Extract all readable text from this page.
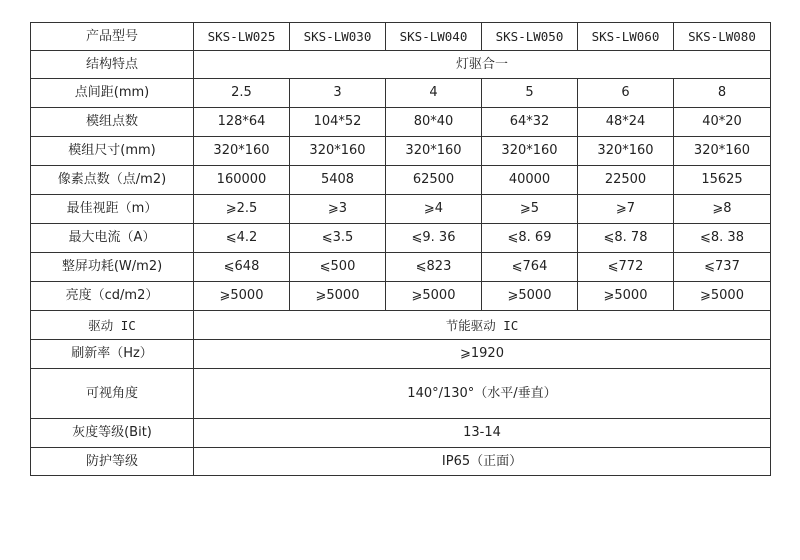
产品型号	SKS-LW025	SKS-LW030	SKS-LW040	SKS-LW050	SKS-LW060	SKS-LW080
结构特点	灯驱合一					
点间距(mm)	2.5	3	4	5	6	8
模组点数	128*64	104*52	80*40	64*32	48*24	40*20
模组尺寸(mm)	320*160	320*160	320*160	320*160	320*160	320*160
像素点数（点/m2)	160000	5408	62500	40000	22500	15625
最佳视距（m）	⩾2.5	⩾3	⩾4	⩾5	⩾7	⩾8
最大电流（A）	⩽4.2	⩽3.5	⩽9. 36	⩽8. 69	⩽8. 78	⩽8. 38
整屏功耗(W/m2)	⩽648	⩽500	⩽823	⩽764	⩽772	⩽737
亮度（cd/m2）	⩾5000	⩾5000	⩾5000	⩾5000	⩾5000	⩾5000
驱动 IC	节能驱动 IC					
刷新率（Hz）	⩾1920					
可视角度	140°/130°（水平/垂直）					
灰度等级(Bit)	13-14					
防护等级	IP65（正面）					
